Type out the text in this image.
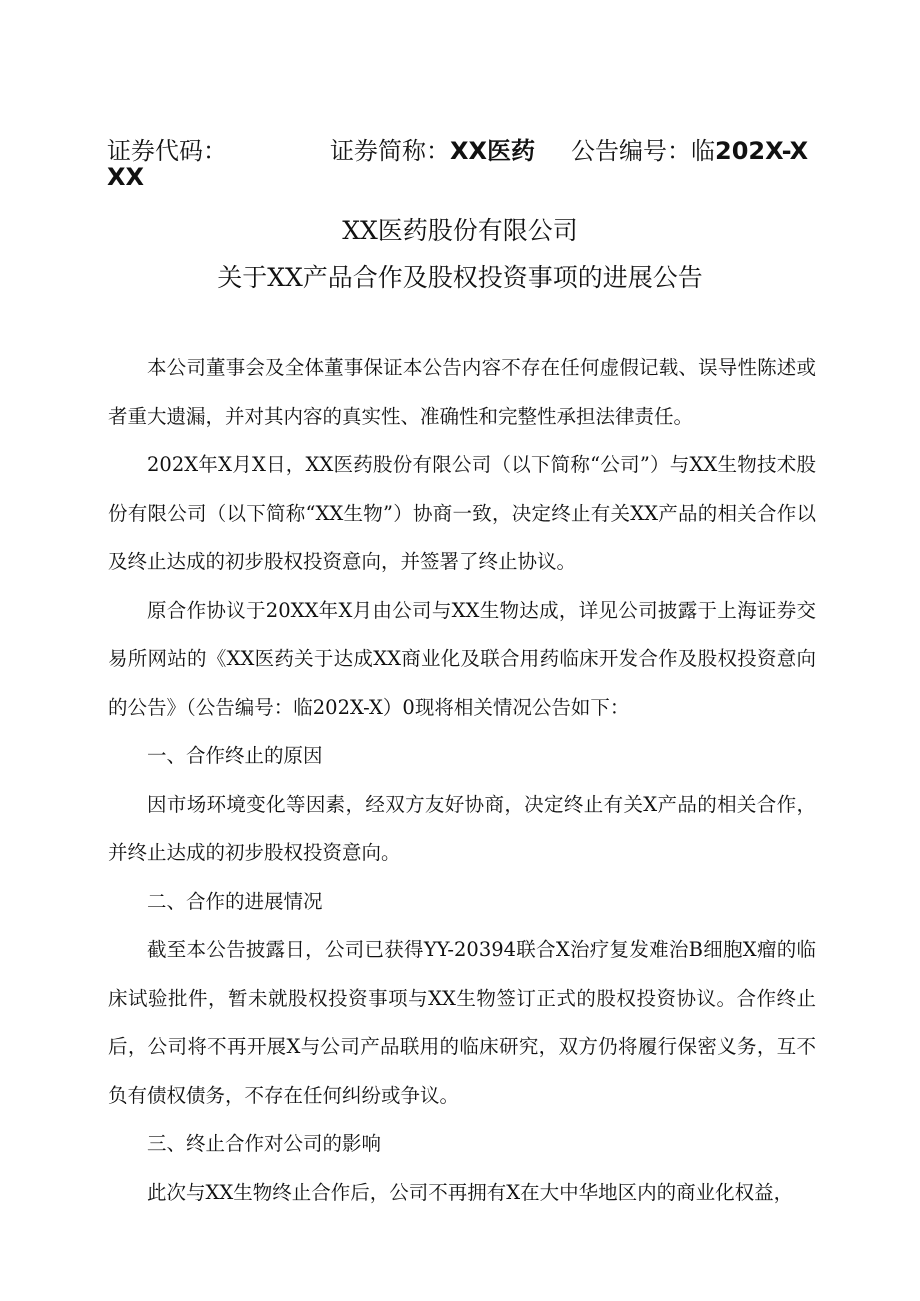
证券代码：	证券简称：XX医药 公告编号：临202X-X
XX
XX医药股份有限公司
关于XX产品合作及股权投资事项的进展公告

本公司董事会及全体董事保证本公告内容不存在任何虚假记载、误导性陈述或者重大遗漏，并对其内容的真实性、准确性和完整性承担法律责任。

202X年X月X日，XX医药股份有限公司（以下简称“公司”）与XX生物技术股份有限公司（以下简称“XX生物”）协商一致，决定终止有关XX产品的相关合作以及终止达成的初步股权投资意向，并签署了终止协议。

原合作协议于20XX年X月由公司与XX生物达成，详见公司披露于上海证券交易所网站的《XX医药关于达成XX商业化及联合用药临床开发合作及股权投资意向的公告》（公告编号：临202X-X）0现将相关情况公告如下：

一、合作终止的原因

因市场环境变化等因素，经双方友好协商，决定终止有关X产品的相关合作，并终止达成的初步股权投资意向。

二、合作的进展情况

截至本公告披露日，公司已获得YY-20394联合X治疗复发难治B细胞X瘤的临床试验批件，暂未就股权投资事项与XX生物签订正式的股权投资协议。合作终止后，公司将不再开展X与公司产品联用的临床研究，双方仍将履行保密义务，互不负有债权债务，不存在任何纠纷或争议。

三、终止合作对公司的影响

此次与XX生物终止合作后，公司不再拥有X在大中华地区内的商业化权益，
